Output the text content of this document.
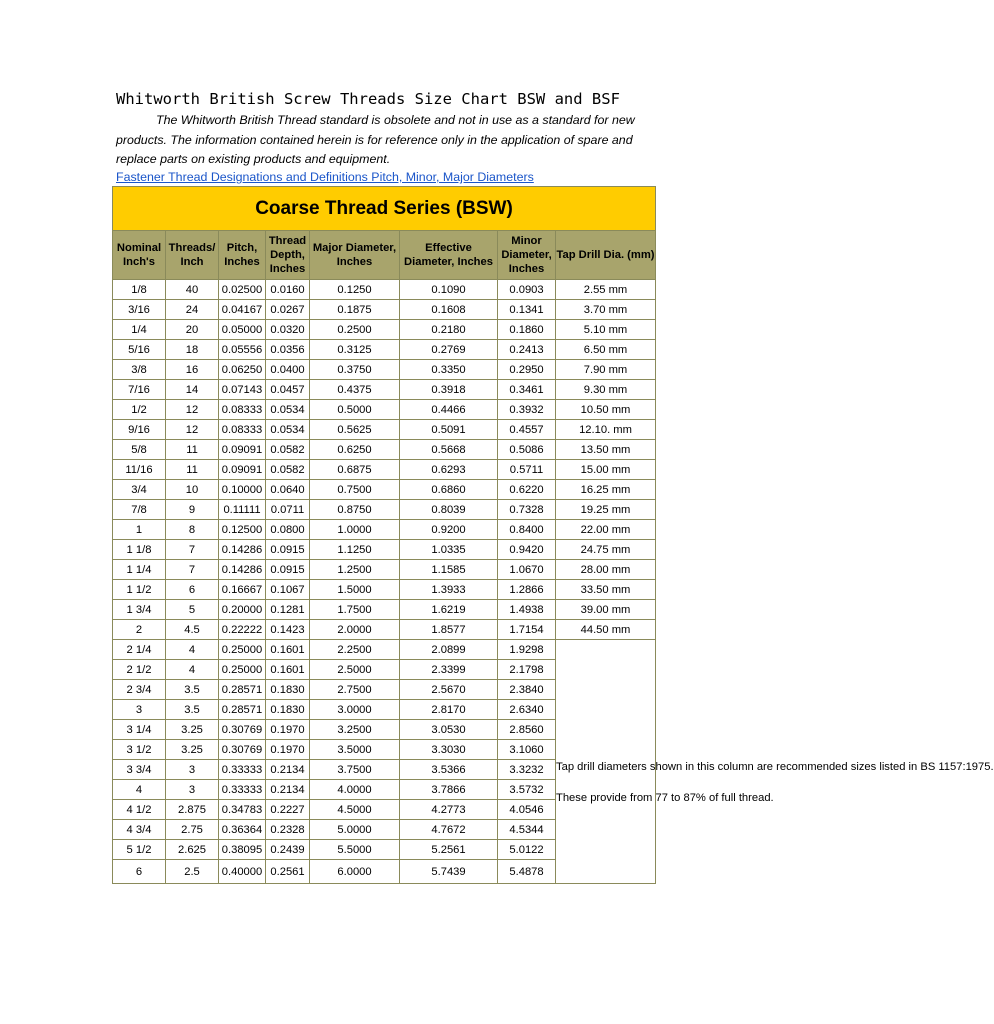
Whitworth British Screw Threads Size Chart BSW and BSF

The Whitworth British Thread standard is obsolete and not in use as a standard for new products. The information contained herein is for reference only in the application of spare and replace parts on existing products and equipment.

Fastener Thread Designations and Definitions Pitch, Minor, Major Diameters
Coarse Thread Series (BSW)							
Nominal Inch's	Threads/ Inch	Pitch, Inches	Thread Depth, Inches	Major Diameter, Inches	Effective Diameter, Inches	Minor Diameter, Inches	Tap Drill Dia. (mm)
1/8	40	0.02500	0.0160	0.1250	0.1090	0.0903	2.55 mm
3/16	24	0.04167	0.0267	0.1875	0.1608	0.1341	3.70 mm
1/4	20	0.05000	0.0320	0.2500	0.2180	0.1860	5.10 mm
5/16	18	0.05556	0.0356	0.3125	0.2769	0.2413	6.50 mm
3/8	16	0.06250	0.0400	0.3750	0.3350	0.2950	7.90 mm
7/16	14	0.07143	0.0457	0.4375	0.3918	0.3461	9.30 mm
1/2	12	0.08333	0.0534	0.5000	0.4466	0.3932	10.50 mm
9/16	12	0.08333	0.0534	0.5625	0.5091	0.4557	12.10. mm
5/8	11	0.09091	0.0582	0.6250	0.5668	0.5086	13.50 mm
11/16	11	0.09091	0.0582	0.6875	0.6293	0.5711	15.00 mm
3/4	10	0.10000	0.0640	0.7500	0.6860	0.6220	16.25 mm
7/8	9	0.11111	0.0711	0.8750	0.8039	0.7328	19.25 mm
1	8	0.12500	0.0800	1.0000	0.9200	0.8400	22.00 mm
1 1/8	7	0.14286	0.0915	1.1250	1.0335	0.9420	24.75 mm
1 1/4	7	0.14286	0.0915	1.2500	1.1585	1.0670	28.00 mm
1 1/2	6	0.16667	0.1067	1.5000	1.3933	1.2866	33.50 mm
1 3/4	5	0.20000	0.1281	1.7500	1.6219	1.4938	39.00 mm
2	4.5	0.22222	0.1423	2.0000	1.8577	1.7154	44.50 mm
2 1/4	4	0.25000	0.1601	2.2500	2.0899	1.9298	Tap drill diameters shown in this column are recommended sizes listed in BS 1157:1975.

These provide from 77 to 87% of full thread.

2 1/2	4	0.25000	0.1601	2.5000	2.3399	2.1798	
2 3/4	3.5	0.28571	0.1830	2.7500	2.5670	2.3840	
3	3.5	0.28571	0.1830	3.0000	2.8170	2.6340	
3 1/4	3.25	0.30769	0.1970	3.2500	3.0530	2.8560	
3 1/2	3.25	0.30769	0.1970	3.5000	3.3030	3.1060	
3 3/4	3	0.33333	0.2134	3.7500	3.5366	3.3232	
4	3	0.33333	0.2134	4.0000	3.7866	3.5732	
4 1/2	2.875	0.34783	0.2227	4.5000	4.2773	4.0546	
4 3/4	2.75	0.36364	0.2328	5.0000	4.7672	4.5344	
5 1/2	2.625	0.38095	0.2439	5.5000	5.2561	5.0122	
6	2.5	0.40000	0.2561	6.0000	5.7439	5.4878	
